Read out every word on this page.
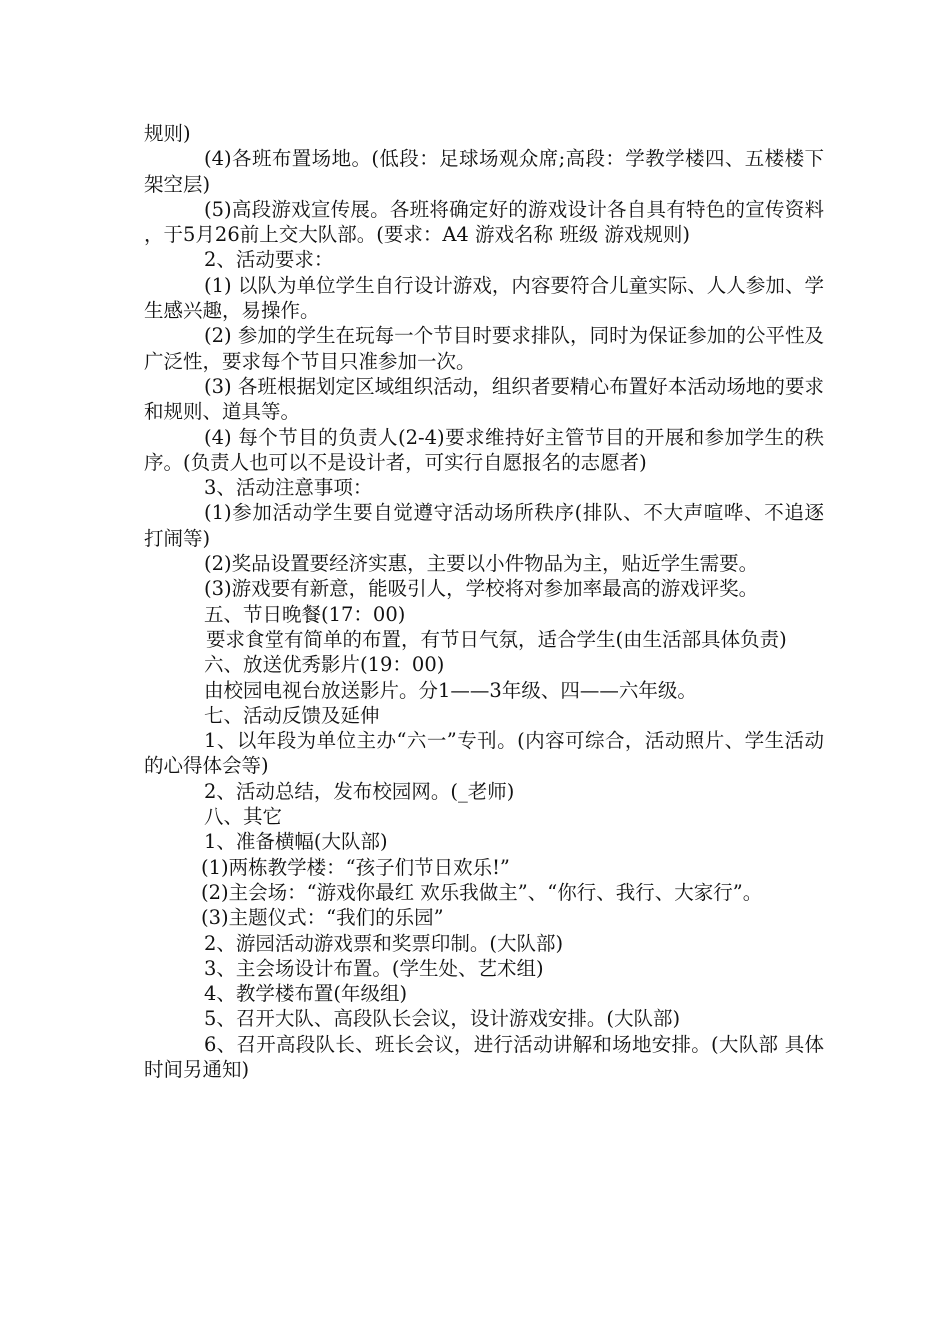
规则)

(4)各班布置场地。(低段：足球场观众席;高段：学教学楼四、五楼楼下架空层)

(5)高段游戏宣传展。各班将确定好的游戏设计各自具有特色的宣传资料，于5月26前上交大队部。(要求：A4 游戏名称 班级 游戏规则)

2、活动要求：

(1) 以队为单位学生自行设计游戏，内容要符合儿童实际、人人参加、学生感兴趣，易操作。

(2) 参加的学生在玩每一个节目时要求排队，同时为保证参加的公平性及广泛性，要求每个节目只准参加一次。

(3) 各班根据划定区域组织活动，组织者要精心布置好本活动场地的要求和规则、道具等。

(4) 每个节目的负责人(2-4)要求维持好主管节目的开展和参加学生的秩序。(负责人也可以不是设计者，可实行自愿报名的志愿者)

3、活动注意事项：

(1)参加活动学生要自觉遵守活动场所秩序(排队、不大声喧哗、不追逐打闹等)

(2)奖品设置要经济实惠，主要以小件物品为主，贴近学生需要。

(3)游戏要有新意，能吸引人，学校将对参加率最高的游戏评奖。

五、节日晚餐(17：00)

要求食堂有简单的布置，有节日气氛，适合学生(由生活部具体负责)

六、放送优秀影片(19：00)

由校园电视台放送影片。分1——3年级、四——六年级。

七、活动反馈及延伸

1、以年段为单位主办“六一”专刊。(内容可综合，活动照片、学生活动的心得体会等)

2、活动总结，发布校园网。(_老师)

八、其它

1、准备横幅(大队部)

(1)两栋教学楼：“孩子们节日欢乐!”

(2)主会场：“游戏你最红 欢乐我做主”、“你行、我行、大家行”。

(3)主题仪式：“我们的乐园”

2、游园活动游戏票和奖票印制。(大队部)

3、主会场设计布置。(学生处、艺术组)

4、教学楼布置(年级组)

5、召开大队、高段队长会议，设计游戏安排。(大队部)

6、召开高段队长、班长会议，进行活动讲解和场地安排。(大队部 具体时间另通知)
